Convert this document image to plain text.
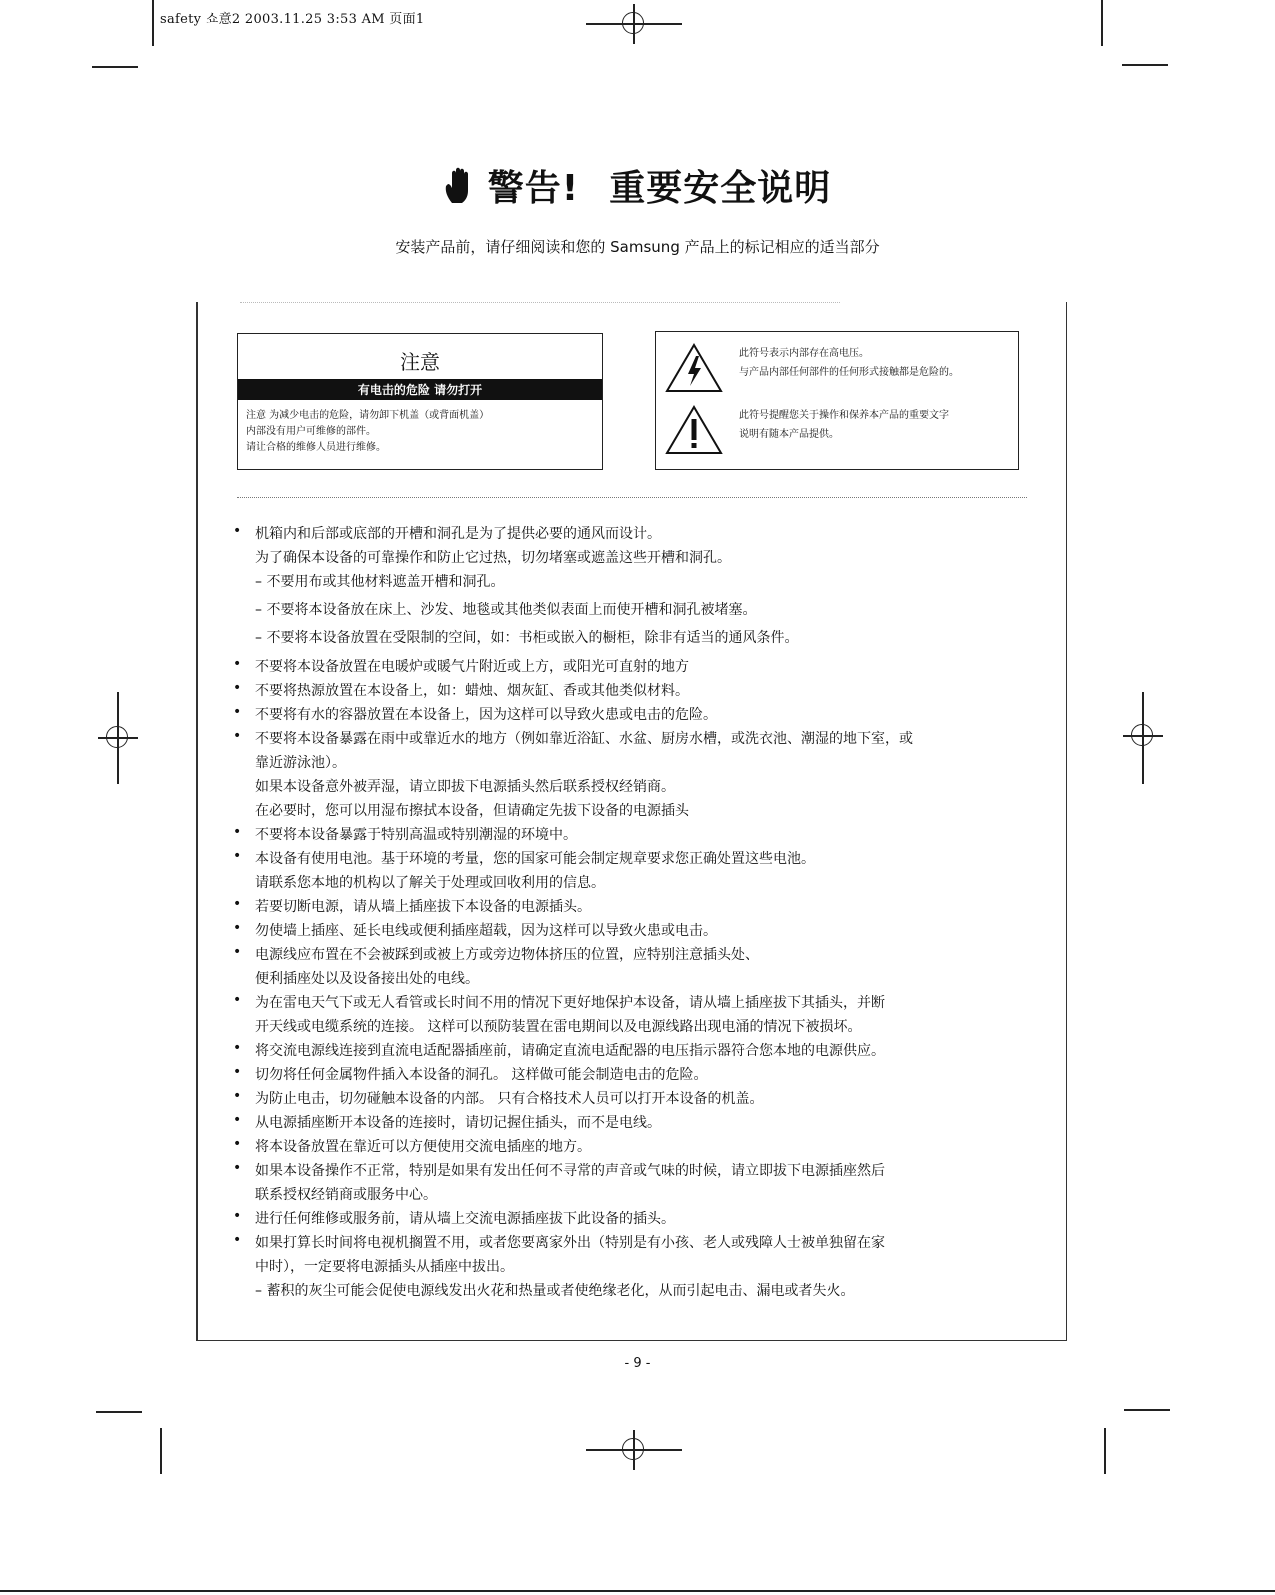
safety 쇼意2 2003.11.25 3:53 AM 页面1
警告! 重要安全说明
安装产品前，请仔细阅读和您的 Samsung 产品上的标记相应的适当部分
注意
有电击的危险 请勿打开
注意 为减少电击的危险，请勿卸下机盖（或背面机盖）
内部没有用户可维修的部件。
请让合格的维修人员进行维修。
此符号表示内部存在高电压。
与产品内部任何部件的任何形式接触都是危险的。
此符号提醒您关于操作和保养本产品的重要文字
说明有随本产品提供。
• 机箱内和后部或底部的开槽和洞孔是为了提供必要的通风而设计。
为了确保本设备的可靠操作和防止它过热，切勿堵塞或遮盖这些开槽和洞孔。
– 不要用布或其他材料遮盖开槽和洞孔。
– 不要将本设备放在床上、沙发、地毯或其他类似表面上而使开槽和洞孔被堵塞。
– 不要将本设备放置在受限制的空间，如：书柜或嵌入的橱柜，除非有适当的通风条件。
• 不要将本设备放置在电暖炉或暖气片附近或上方，或阳光可直射的地方
• 不要将热源放置在本设备上，如：蜡烛、烟灰缸、香或其他类似材料。
• 不要将有水的容器放置在本设备上，因为这样可以导致火患或电击的危险。
• 不要将本设备暴露在雨中或靠近水的地方（例如靠近浴缸、水盆、厨房水槽，或洗衣池、潮湿的地下室，或
靠近游泳池）。
如果本设备意外被弄湿，请立即拔下电源插头然后联系授权经销商。
在必要时，您可以用湿布擦拭本设备，但请确定先拔下设备的电源插头
• 不要将本设备暴露于特别高温或特别潮湿的环境中。
• 本设备有使用电池。基于环境的考量，您的国家可能会制定规章要求您正确处置这些电池。
请联系您本地的机构以了解关于处理或回收利用的信息。
• 若要切断电源，请从墙上插座拔下本设备的电源插头。
• 勿使墙上插座、延长电线或便利插座超载，因为这样可以导致火患或电击。
• 电源线应布置在不会被踩到或被上方或旁边物体挤压的位置，应特别注意插头处、
便利插座处以及设备接出处的电线。
• 为在雷电天气下或无人看管或长时间不用的情况下更好地保护本设备，请从墙上插座拔下其插头，并断
开天线或电缆系统的连接。 这样可以预防装置在雷电期间以及电源线路出现电涌的情况下被损坏。
• 将交流电源线连接到直流电适配器插座前，请确定直流电适配器的电压指示器符合您本地的电源供应。
• 切勿将任何金属物件插入本设备的洞孔。 这样做可能会制造电击的危险。
• 为防止电击，切勿碰触本设备的内部。 只有合格技术人员可以打开本设备的机盖。
• 从电源插座断开本设备的连接时，请切记握住插头，而不是电线。
• 将本设备放置在靠近可以方便使用交流电插座的地方。
• 如果本设备操作不正常，特别是如果有发出任何不寻常的声音或气味的时候，请立即拔下电源插座然后
联系授权经销商或服务中心。
• 进行任何维修或服务前，请从墙上交流电源插座拔下此设备的插头。
• 如果打算长时间将电视机搁置不用，或者您要离家外出（特别是有小孩、老人或残障人士被单独留在家
中时），一定要将电源插头从插座中拔出。
– 蓄积的灰尘可能会促使电源线发出火花和热量或者使绝缘老化，从而引起电击、漏电或者失火。
- 9 -
